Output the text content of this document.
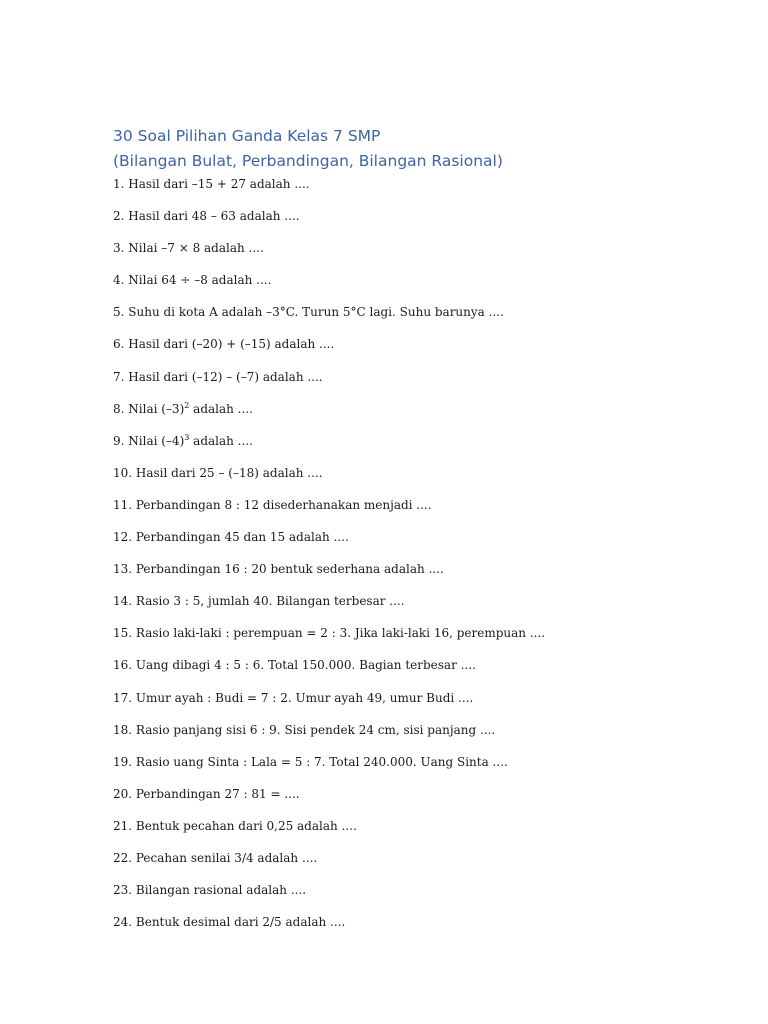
30 Soal Pilihan Ganda Kelas 7 SMP
(Bilangan Bulat, Perbandingan, Bilangan Rasional)
1. Hasil dari –15 + 27 adalah ....
2. Hasil dari 48 – 63 adalah ....
3. Nilai –7 × 8 adalah ....
4. Nilai 64 ÷ –8 adalah ....
5. Suhu di kota A adalah –3°C. Turun 5°C lagi. Suhu barunya ....
6. Hasil dari (–20) + (–15) adalah ....
7. Hasil dari (–12) – (–7) adalah ....
8. Nilai $(-3)^2$ adalah ....
9. Nilai $(-4)^3$ adalah ....
10. Hasil dari 25 – (–18) adalah ....
11. Perbandingan 8 : 12 disederhanakan menjadi ....
12. Perbandingan 45 dan 15 adalah ....
13. Perbandingan 16 : 20 bentuk sederhana adalah ....
14. Rasio 3 : 5, jumlah 40. Bilangan terbesar ....
15. Rasio laki-laki : perempuan = 2 : 3. Jika laki-laki 16, perempuan ....
16. Uang dibagi 4 : 5 : 6. Total 150.000. Bagian terbesar ....
17. Umur ayah : Budi = 7 : 2. Umur ayah 49, umur Budi ....
18. Rasio panjang sisi 6 : 9. Sisi pendek 24 cm, sisi panjang ....
19. Rasio uang Sinta : Lala = 5 : 7. Total 240.000. Uang Sinta ....
20. Perbandingan 27 : 81 = ....
21. Bentuk pecahan dari 0,25 adalah ....
22. Pecahan senilai 3/4 adalah ....
23. Bilangan rasional adalah ....
24. Bentuk desimal dari 2/5 adalah ....
